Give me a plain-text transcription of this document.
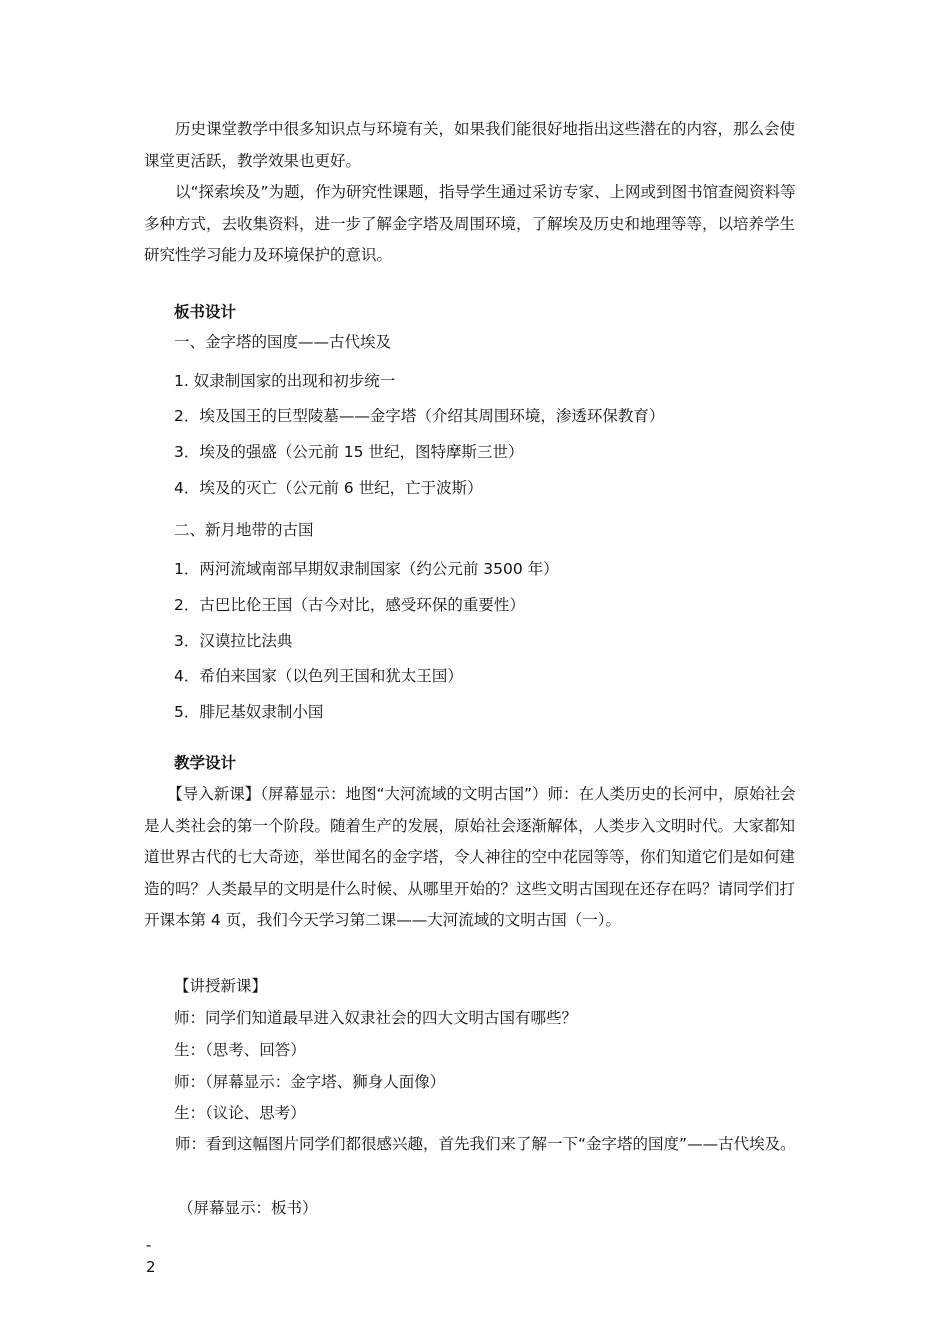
　　历史课堂教学中很多知识点与环境有关，如果我们能很好地指出这些潜在的内容，那么会使课堂更活跃，教学效果也更好。

　　以“探索埃及”为题，作为研究性课题，指导学生通过采访专家、上网或到图书馆查阅资料等多种方式，去收集资料，进一步了解金字塔及周围环境，了解埃及历史和地理等等，以培养学生研究性学习能力及环境保护的意识。

板书设计
一、金字塔的国度——古代埃及
1. 奴隶制国家的出现和初步统一
2．埃及国王的巨型陵墓——金字塔（介绍其周围环境，渗透环保教育）
3．埃及的强盛（公元前 15 世纪，图特摩斯三世）
4．埃及的灭亡（公元前 6 世纪，亡于波斯）
二、新月地带的古国
1．两河流域南部早期奴隶制国家（约公元前 3500 年）
2．古巴比伦王国（古今对比，感受环保的重要性）
3．汉谟拉比法典
4．希伯来国家（以色列王国和犹太王国）
5．腓尼基奴隶制小国
教学设计

　　【导入新课】（屏幕显示：地图“大河流域的文明古国”）师：在人类历史的长河中，原始社会是人类社会的第一个阶段。随着生产的发展，原始社会逐渐解体，人类步入文明时代。大家都知道世界古代的七大奇迹，举世闻名的金字塔，令人神往的空中花园等等，你们知道它们是如何建造的吗？人类最早的文明是什么时候、从哪里开始的？这些文明古国现在还存在吗？请同学们打开课本第 4 页，我们今天学习第二课——大河流域的文明古国（一）。

【讲授新课】
师：同学们知道最早进入奴隶社会的四大文明古国有哪些？
生：（思考、回答）
师：（屏幕显示：金字塔、狮身人面像）
生：（议论、思考）

　　师：看到这幅图片同学们都很感兴趣，首先我们来了解一下“金字塔的国度”——古代埃及。

（屏幕显示：板书）
-
2
